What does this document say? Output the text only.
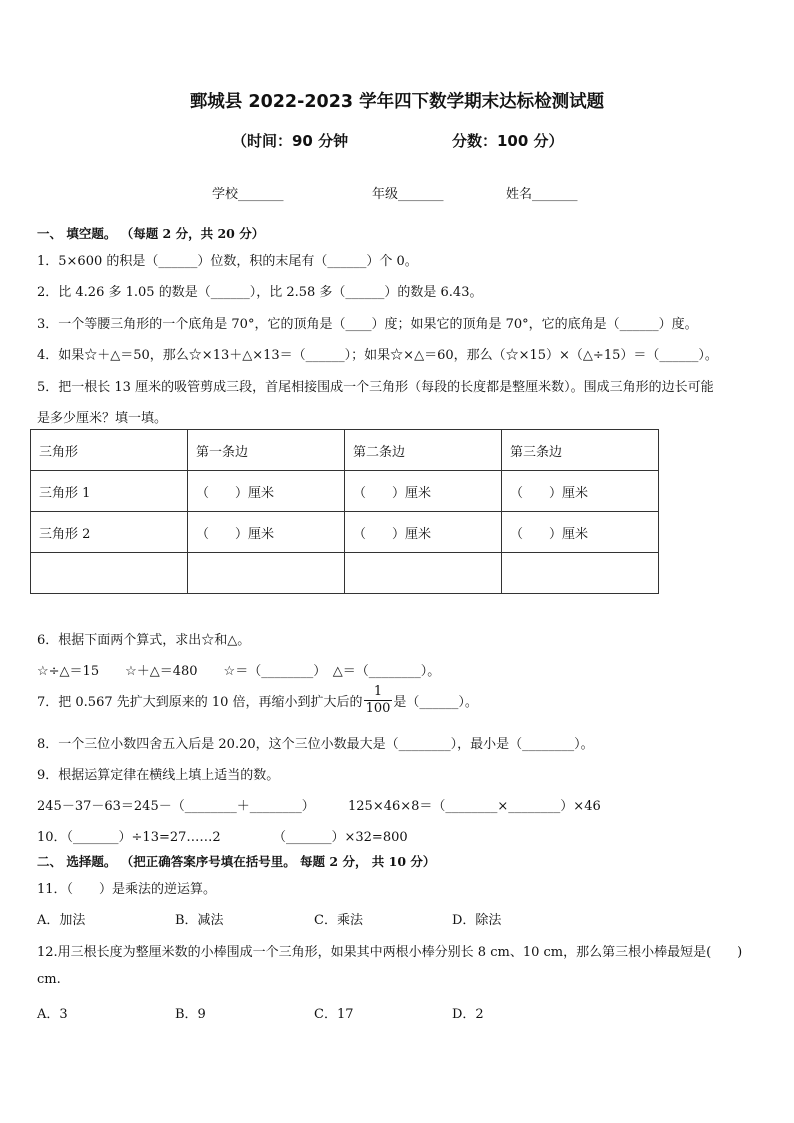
鄄城县 2022-2023 学年四下数学期末达标检测试题
（时间：90 分钟	分数：100 分）
学校_______	年级_______	姓名_______
一、 填空题。 （每题 2 分，共 20 分）
1．5×600 的积是（______）位数，积的末尾有（______）个 0。
2．比 4.26 多 1.05 的数是（______），比 2.58 多（______）的数是 6.43。
3．一个等腰三角形的一个底角是 70°，它的顶角是（____）度；如果它的顶角是 70°，它的底角是（______）度。
4．如果☆＋△＝50，那么☆×13＋△×13＝（______）；如果☆×△＝60，那么（☆×15）×（△÷15）＝（______）。
5．把一根长 13 厘米的吸管剪成三段，首尾相接围成一个三角形（每段的长度都是整厘米数）。围成三角形的边长可能
是多少厘米？填一填。
三角形	第一条边	第二条边	第三条边
三角形 1	（　　）厘米	（　　）厘米	（　　）厘米
三角形 2	（　　）厘米	（　　）厘米	（　　）厘米

6．根据下面两个算式，求出☆和△。
☆÷△＝15　　☆＋△＝480　　☆＝（________）　△＝（________）。
7．把 0.567 先扩大到原来的 10 倍，再缩小到扩大后的 $\frac{1}{100}$ 是（______）。
8．一个三位小数四舍五入后是 20.20，这个三位小数最大是（________），最小是（________）。
9．根据运算定律在横线上填上适当的数。
245－37－63＝245－（________＋________）	125×46×8＝（________×________）×46
10．（_______）÷13=27……2	（_______）×32=800
二、 选择题。 （把正确答案序号填在括号里。 每题 2 分， 共 10 分）
11．（　　）是乘法的逆运算。
A．加法	B．减法	C．乘法	D．除法
12.用三根长度为整厘米数的小棒围成一个三角形，如果其中两根小棒分别长 8 cm、10 cm，那么第三根小棒最短是(　　)
cm.
A．3	B．9	C．17	D．2
